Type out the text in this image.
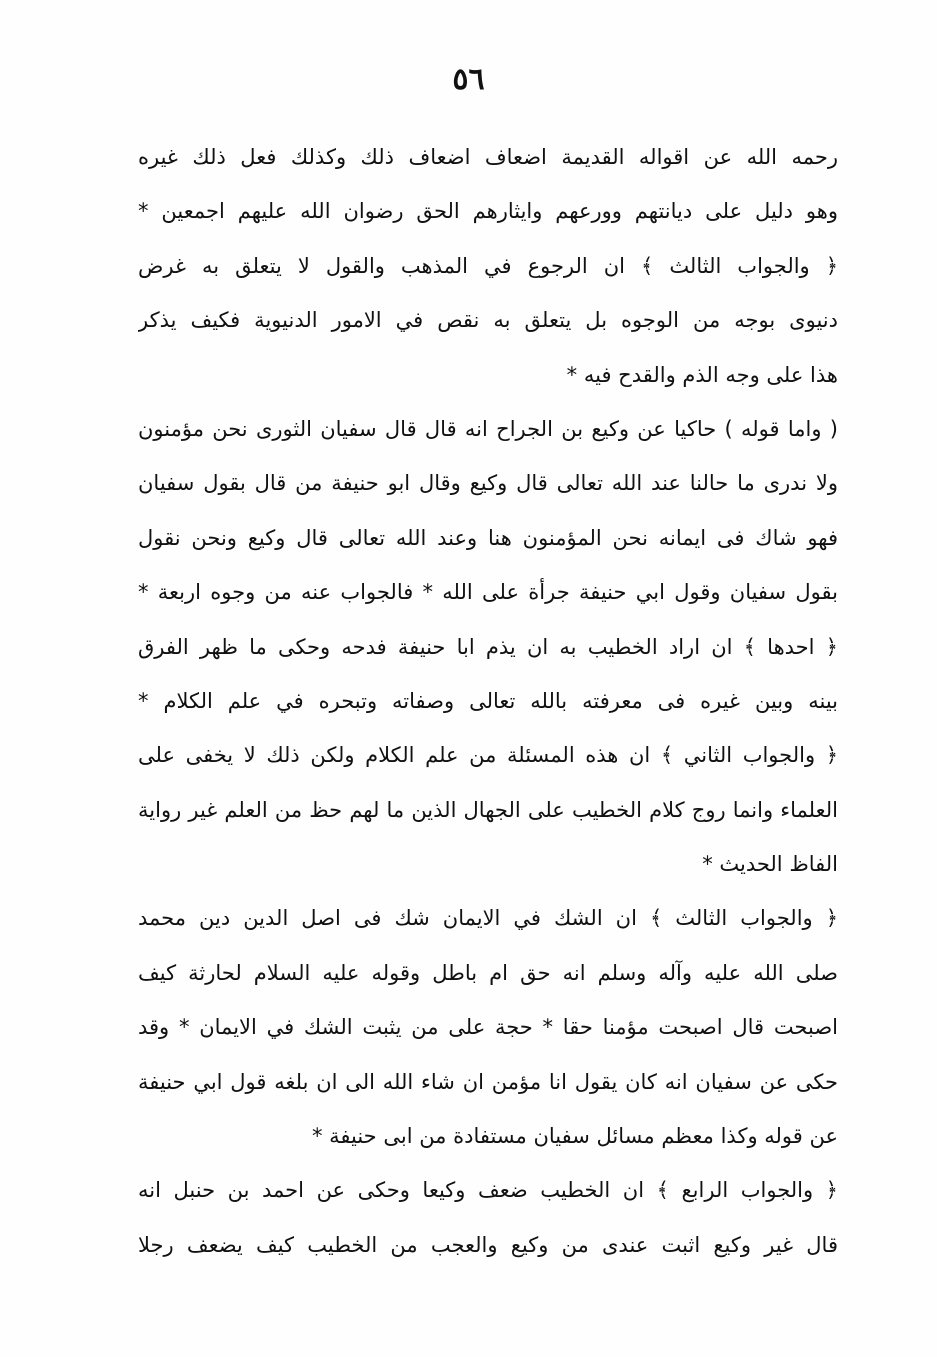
٥٦
رحمه الله عن اقواله القديمة اضعاف اضعاف ذلك وكذلك فعل ذلك غيره
وهو دليل على ديانتهم وورعهم وايثارهم الحق رضوان الله عليهم اجمعين *
﴿ والجواب الثالث ﴾ ان الرجوع في المذهب والقول لا يتعلق به غرض
دنيوى بوجه من الوجوه بل يتعلق به نقص في الامور الدنيوية فكيف يذكر
هذا على وجه الذم والقدح فيه *
( واما قوله ) حاكيا عن وكيع بن الجراح انه قال قال سفيان الثورى نحن مؤمنون
ولا ندرى ما حالنا عند الله تعالى قال وكيع وقال ابو حنيفة من قال بقول سفيان
فهو شاك فى ايمانه نحن المؤمنون هنا وعند الله تعالى قال وكيع ونحن نقول
بقول سفيان وقول ابي حنيفة جرأة على الله * فالجواب عنه من وجوه اربعة *
﴿ احدها ﴾ ان اراد الخطيب به ان يذم ابا حنيفة فدحه وحكى ما ظهر الفرق
بينه وبين غيره فى معرفته بالله تعالى وصفاته وتبحره في علم الكلام *
﴿ والجواب الثاني ﴾ ان هذه المسئلة من علم الكلام ولكن ذلك لا يخفى على
العلماء وانما روج كلام الخطيب على الجهال الذين ما لهم حظ من العلم غير رواية
الفاظ الحديث *
﴿ والجواب الثالث ﴾ ان الشك في الايمان شك فى اصل الدين دين محمد
صلى الله عليه وآله وسلم انه حق ام باطل وقوله عليه السلام لحارثة كيف
اصبحت قال اصبحت مؤمنا حقا * حجة على من يثبت الشك في الايمان * وقد
حكى عن سفيان انه كان يقول انا مؤمن ان شاء الله الى ان بلغه قول ابي حنيفة
عن قوله وكذا معظم مسائل سفيان مستفادة من ابى حنيفة *
﴿ والجواب الرابع ﴾ ان الخطيب ضعف وكيعا وحكى عن احمد بن حنبل انه
قال غير وكيع اثبت عندى من وكيع والعجب من الخطيب كيف يضعف رجلا
